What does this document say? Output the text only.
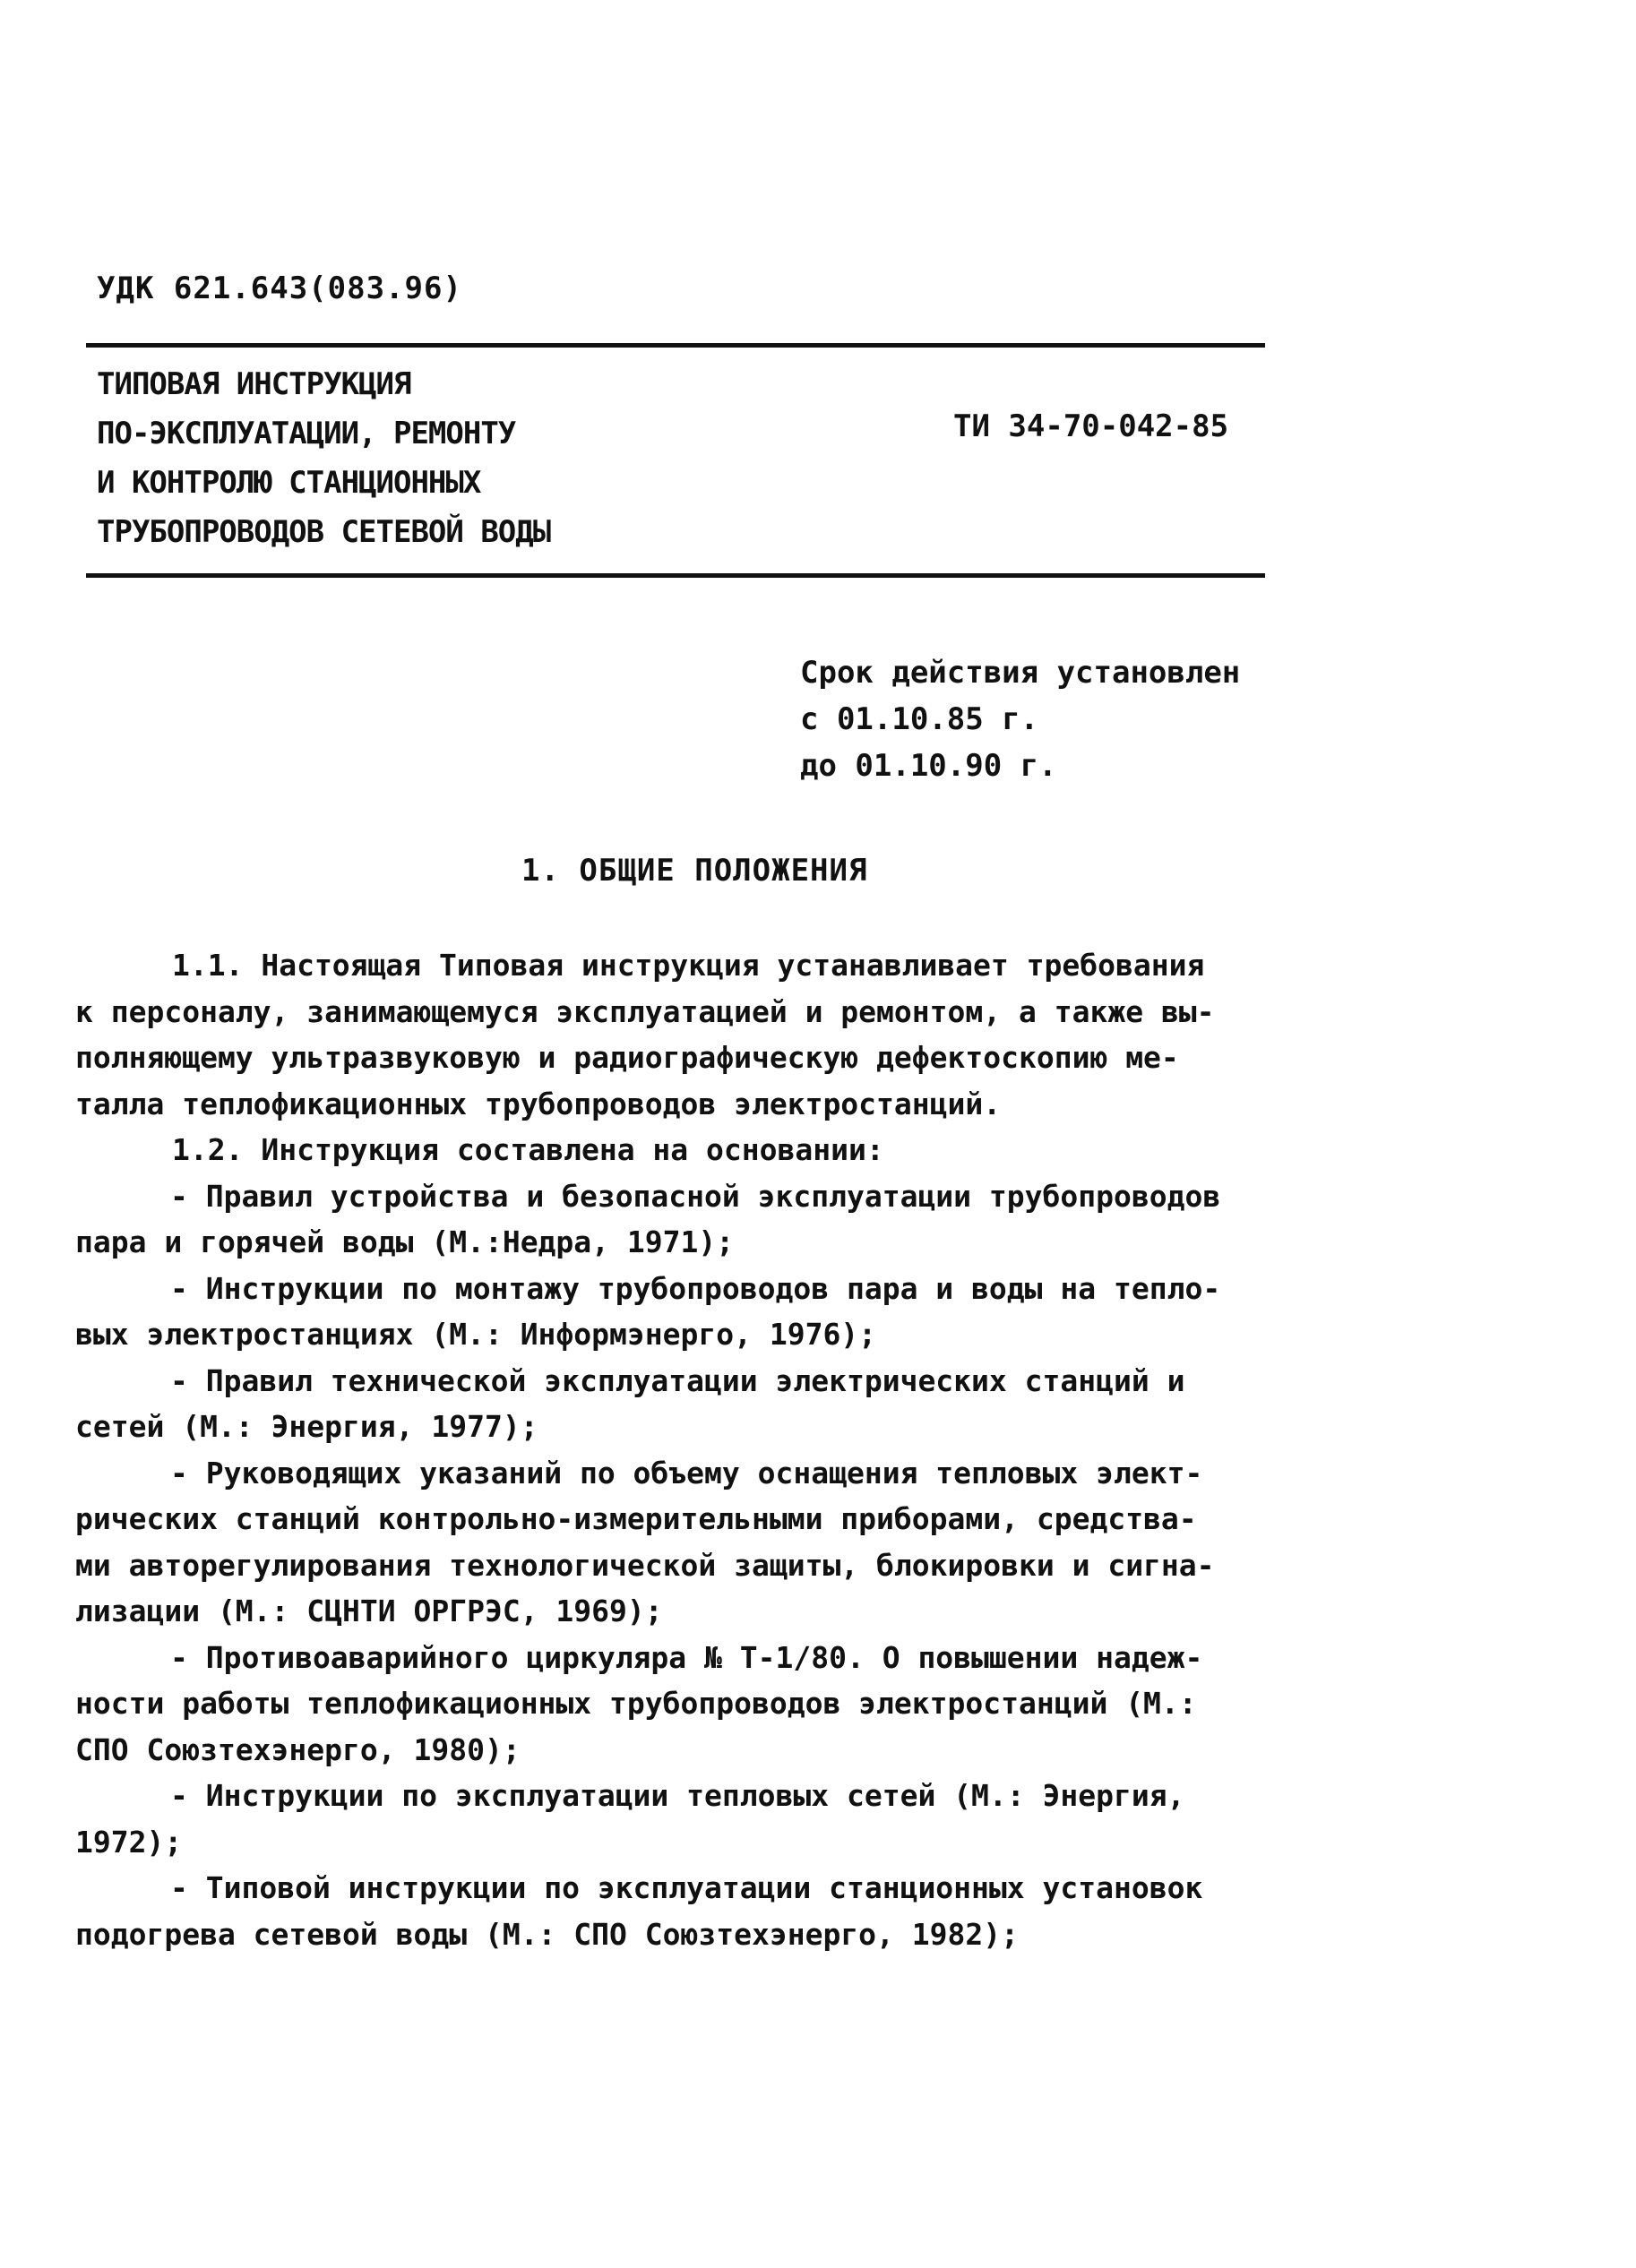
УДК 621.643(083.96)
ТИПОВАЯ ИНСТРУКЦИЯ
ПО-ЭКСПЛУАТАЦИИ, РЕМОНТУ
И КОНТРОЛЮ СТАНЦИОННЫХ
ТРУБОПРОВОДОВ СЕТЕВОЙ ВОДЫ
ТИ 34-70-042-85
Срок действия установлен
с 01.10.85 г.
до 01.10.90 г.
1. ОБЩИЕ ПОЛОЖЕНИЯ
1.1. Настоящая Типовая инструкция устанавливает требования
к персоналу, занимающемуся эксплуатацией и ремонтом, а также вы-
полняющему ультразвуковую и радиографическую дефектоскопию ме-
талла теплофикационных трубопроводов электростанций.
1.2. Инструкция составлена на основании:
- Правил устройства и безопасной эксплуатации трубопроводов
пара и горячей воды (М.:Недра, 1971);
- Инструкции по монтажу трубопроводов пара и воды на тепло-
вых электростанциях (М.: Информэнерго, 1976);
- Правил технической эксплуатации электрических станций и
сетей (М.: Энергия, 1977);
- Руководящих указаний по объему оснащения тепловых элект-
рических станций контрольно-измерительными приборами, средства-
ми авторегулирования технологической защиты, блокировки и сигна-
лизации (М.: СЦНТИ ОРГРЭС, 1969);
- Противоаварийного циркуляра № Т-1/80. О повышении надеж-
ности работы теплофикационных трубопроводов электростанций (М.:
СПО Союзтехэнерго, 1980);
- Инструкции по эксплуатации тепловых сетей (М.: Энергия,
1972);
- Типовой инструкции по эксплуатации станционных установок
подогрева сетевой воды (М.: СПО Союзтехэнерго, 1982);
